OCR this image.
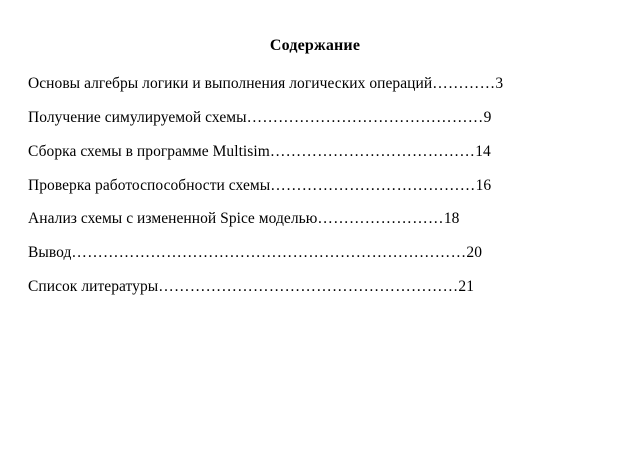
Содержание
Основы алгебры логики и выполнения логических операций…………3
Получение симулируемой схемы………………………………………9
Сборка схемы в программе Multisim…………………………………14
Проверка работоспособности схемы…………………………………16
Анализ схемы с измененной Spice моделью……………………18
Вывод…………………………………………………………………20
Список литературы…………………………………………………21
